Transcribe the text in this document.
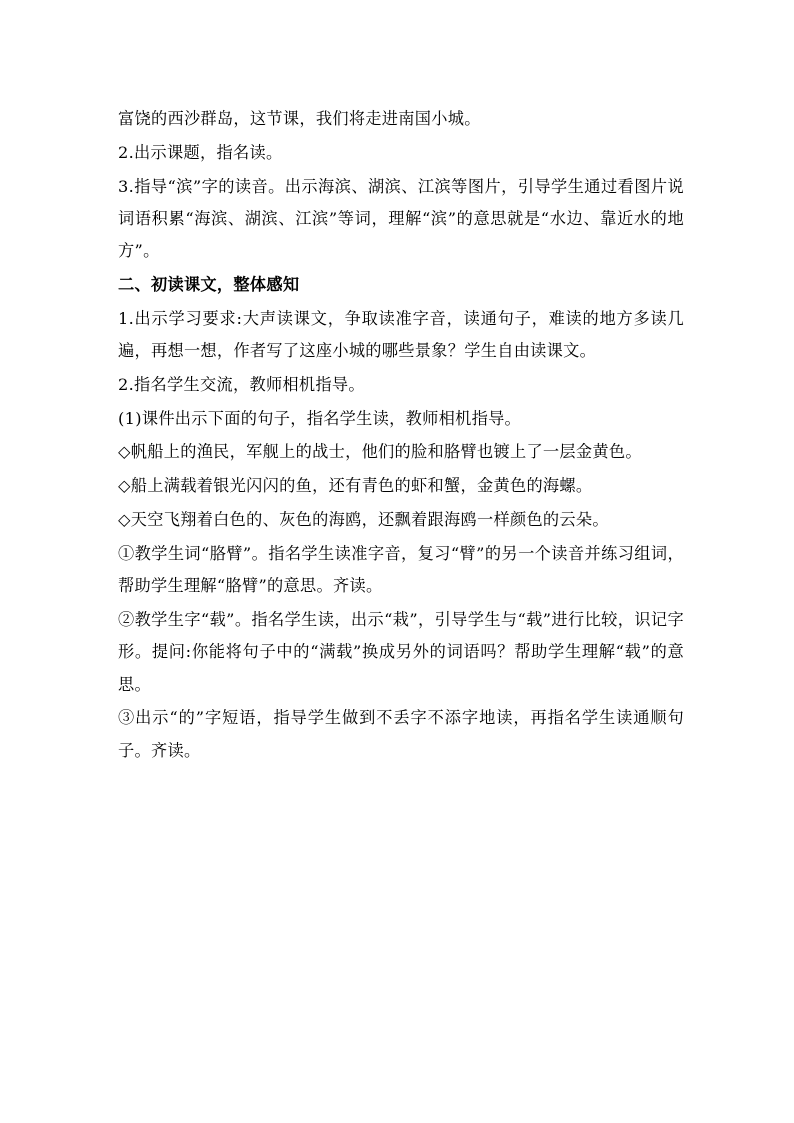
富饶的西沙群岛，这节课，我们将走进南国小城。

2.出示课题，指名读。

3.指导“滨”字的读音。出示海滨、湖滨、江滨等图片，引导学生通过看图片说词语积累“海滨、湖滨、江滨”等词，理解“滨”的意思就是“水边、靠近水的地方”。

二、初读课文，整体感知

1.出示学习要求:大声读课文，争取读准字音，读通句子，难读的地方多读几遍，再想一想，作者写了这座小城的哪些景象？学生自由读课文。

2.指名学生交流，教师相机指导。

(1)课件出示下面的句子，指名学生读，教师相机指导。

◇帆船上的渔民，军舰上的战士，他们的脸和胳臂也镀上了一层金黄色。

◇船上满载着银光闪闪的鱼，还有青色的虾和蟹，金黄色的海螺。

◇天空飞翔着白色的、灰色的海鸥，还飘着跟海鸥一样颜色的云朵。

①教学生词“胳臂”。指名学生读准字音，复习“臂”的另一个读音并练习组词，帮助学生理解“胳臂”的意思。齐读。

②教学生字“载”。指名学生读，出示“栽”，引导学生与“载”进行比较，识记字形。提问:你能将句子中的“满载”换成另外的词语吗？帮助学生理解“载”的意思。

③出示“的”字短语，指导学生做到不丢字不添字地读，再指名学生读通顺句子。齐读。
